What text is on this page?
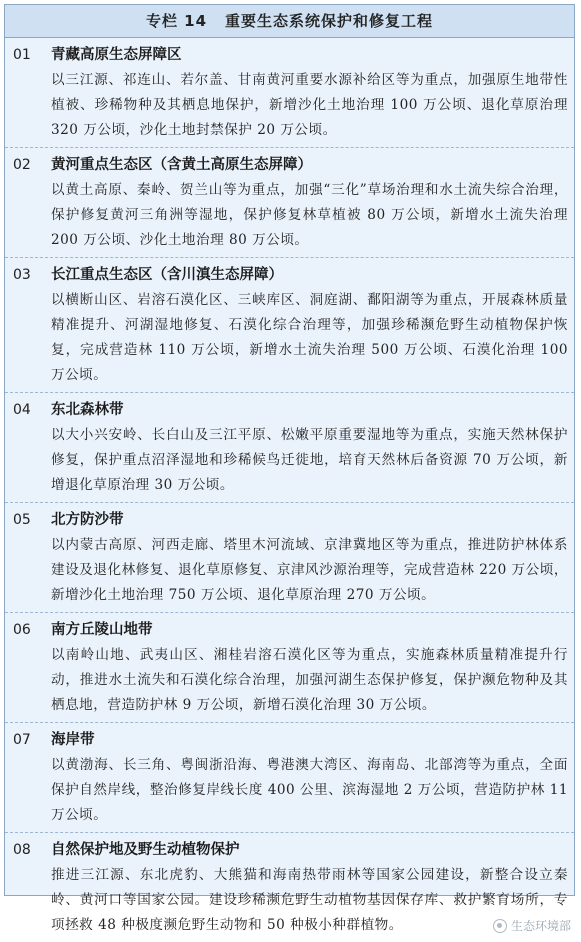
专栏 14 重要生态系统保护和修复工程
01	青藏高原生态屏障区
以三江源、祁连山、若尔盖、甘南黄河重要水源补给区等为重点，加强原生地带性植被、珍稀物种及其栖息地保护，新增沙化土地治理 100 万公顷、退化草原治理 320 万公顷，沙化土地封禁保护 20 万公顷。
02	黄河重点生态区（含黄土高原生态屏障）
以黄土高原、秦岭、贺兰山等为重点，加强“三化”草场治理和水土流失综合治理，保护修复黄河三角洲等湿地，保护修复林草植被 80 万公顷，新增水土流失治理 200 万公顷、沙化土地治理 80 万公顷。
03	长江重点生态区（含川滇生态屏障）
以横断山区、岩溶石漠化区、三峡库区、洞庭湖、鄱阳湖等为重点，开展森林质量精准提升、河湖湿地修复、石漠化综合治理等，加强珍稀濒危野生动植物保护恢复，完成营造林 110 万公顷，新增水土流失治理 500 万公顷、石漠化治理 100 万公顷。
04	东北森林带
以大小兴安岭、长白山及三江平原、松嫩平原重要湿地等为重点，实施天然林保护修复，保护重点沼泽湿地和珍稀候鸟迁徙地，培育天然林后备资源 70 万公顷，新增退化草原治理 30 万公顷。
05	北方防沙带
以内蒙古高原、河西走廊、塔里木河流域、京津冀地区等为重点，推进防护林体系建设及退化林修复、退化草原修复、京津风沙源治理等，完成营造林 220 万公顷，新增沙化土地治理 750 万公顷、退化草原治理 270 万公顷。
06	南方丘陵山地带
以南岭山地、武夷山区、湘桂岩溶石漠化区等为重点，实施森林质量精准提升行动，推进水土流失和石漠化综合治理，加强河湖生态保护修复，保护濒危物种及其栖息地，营造防护林 9 万公顷，新增石漠化治理 30 万公顷。
07	海岸带
以黄渤海、长三角、粤闽浙沿海、粤港澳大湾区、海南岛、北部湾等为重点，全面保护自然岸线，整治修复岸线长度 400 公里、滨海湿地 2 万公顷，营造防护林 11 万公顷。
08	自然保护地及野生动植物保护
推进三江源、东北虎豹、大熊猫和海南热带雨林等国家公园建设，新整合设立秦岭、黄河口等国家公园。建设珍稀濒危野生动植物基因保存库、救护繁育场所，专项拯救 48 种极度濒危野生动物和 50 种极小种群植物。	生态环境部
